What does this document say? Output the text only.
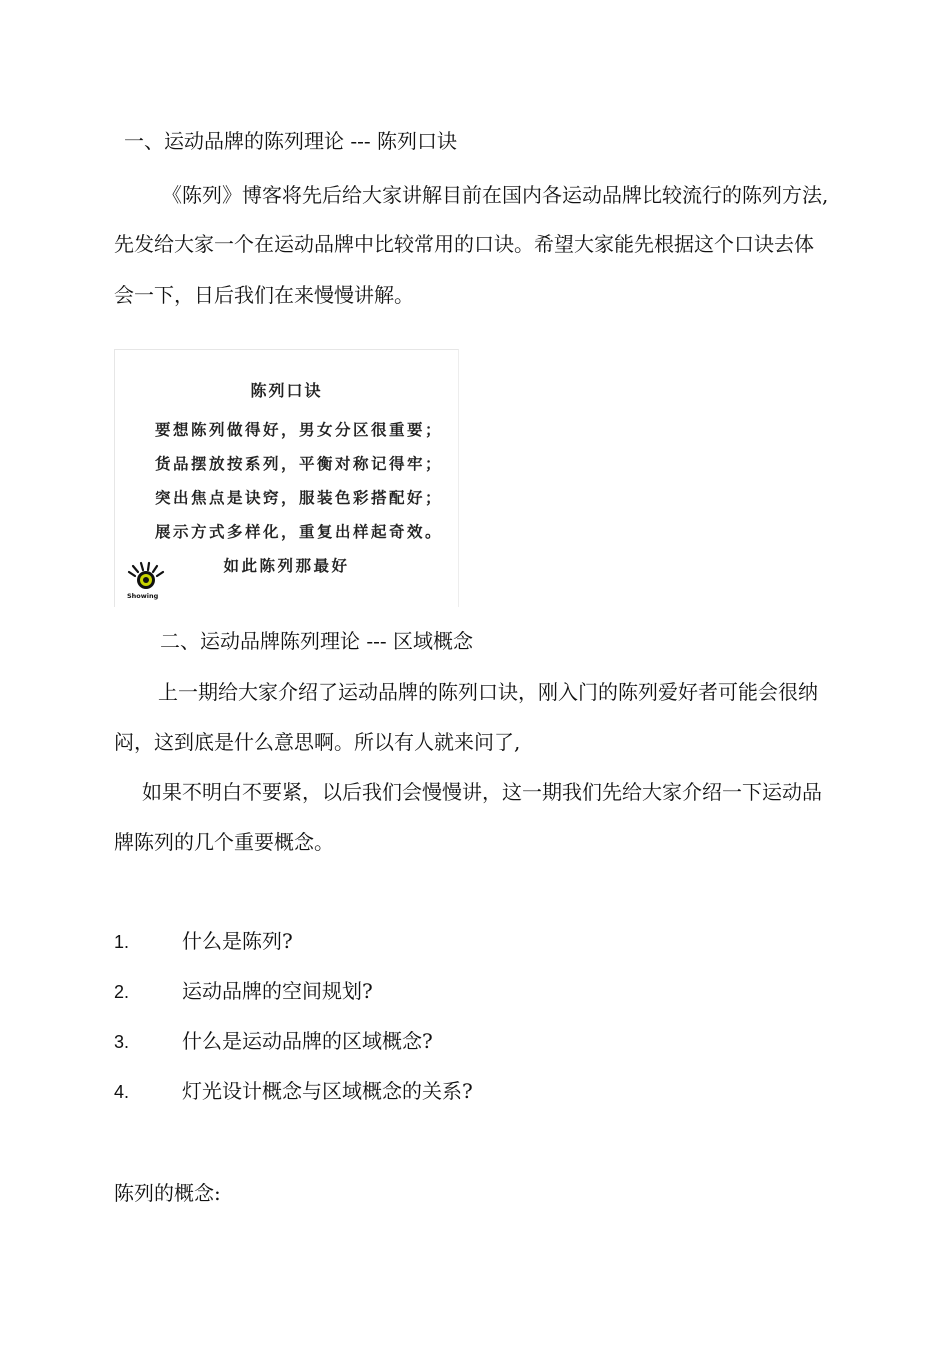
一、运动品牌的陈列理论 --- 陈列口诀

《陈列》博客将先后给大家讲解目前在国内各运动品牌比较流行的陈列方法,

先发给大家一个在运动品牌中比较常用的口诀。希望大家能先根据这个口诀去体

会一下，日后我们在来慢慢讲解。

陈列口诀
要想陈列做得好，男女分区很重要；
货品摆放按系列，平衡对称记得牢；
突出焦点是诀窍，服装色彩搭配好；
展示方式多样化，重复出样起奇效。
如此陈列那最好
Showing

二、运动品牌陈列理论 --- 区域概念

上一期给大家介绍了运动品牌的陈列口诀，刚入门的陈列爱好者可能会很纳

闷，这到底是什么意思啊。所以有人就来问了,

如果不明白不要紧，以后我们会慢慢讲，这一期我们先给大家介绍一下运动品

牌陈列的几个重要概念。

1.	什么是陈列?
2.	运动品牌的空间规划?
3.	什么是运动品牌的区域概念?
4.	灯光设计概念与区域概念的关系?

陈列的概念:
